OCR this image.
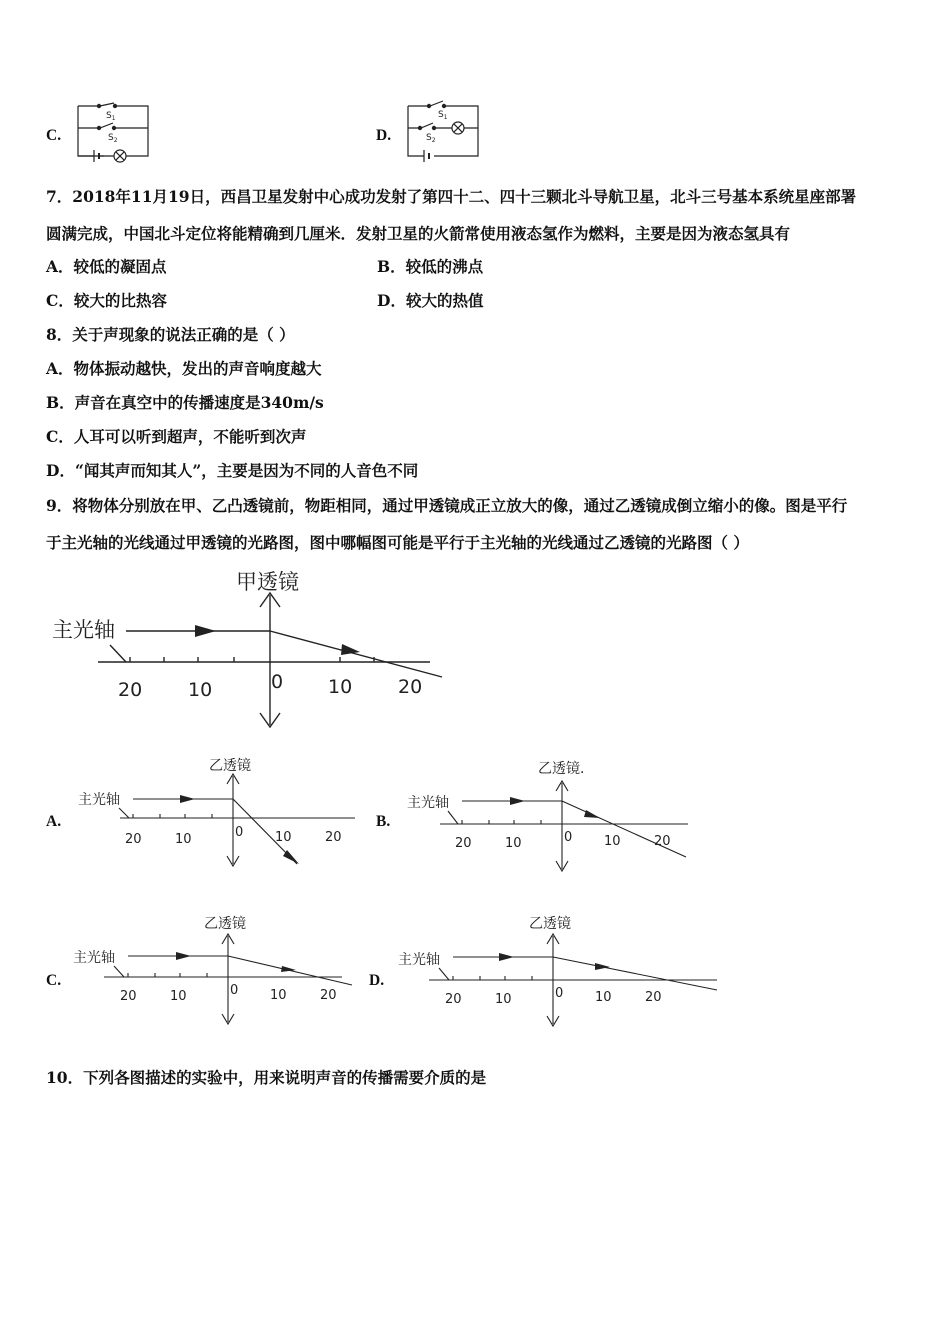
C.
$S_1$
$S_2$	D.
$S_1$
$S_2$
7．2018年11月19日，西昌卫星发射中心成功发射了第四十二、四十三颗北斗导航卫星，北斗三号基本系统星座部署
圆满完成，中国北斗定位将能精确到几厘米．发射卫星的火箭常使用液态氢作为燃料，主要是因为液态氢具有
A．较低的凝固点	B．较低的沸点
C．较大的比热容	D．较大的热值
8．关于声现象的说法正确的是（ ）
A．物体振动越快，发出的声音响度越大
B．声音在真空中的传播速度是340m/s
C．人耳可以听到超声，不能听到次声
D．“闻其声而知其人”，主要是因为不同的人音色不同
9．将物体分别放在甲、乙凸透镜前，物距相同，通过甲透镜成正立放大的像，通过乙透镜成倒立缩小的像。图是平行
于主光轴的光线通过甲透镜的光路图，图中哪幅图可能是平行于主光轴的光线通过乙透镜的光路图（ ）
甲透镜
主光轴
20 10	0 10 20
A.
乙透镜
主光轴
20	10	0 10	20
B.
乙透镜.
主光轴
20	10	0 10	20
C.
乙透镜
主光轴
20	10	0 10	20
D.
乙透镜
主光轴
20	10	0 10	20
10．下列各图描述的实验中，用来说明声音的传播需要介质的是
